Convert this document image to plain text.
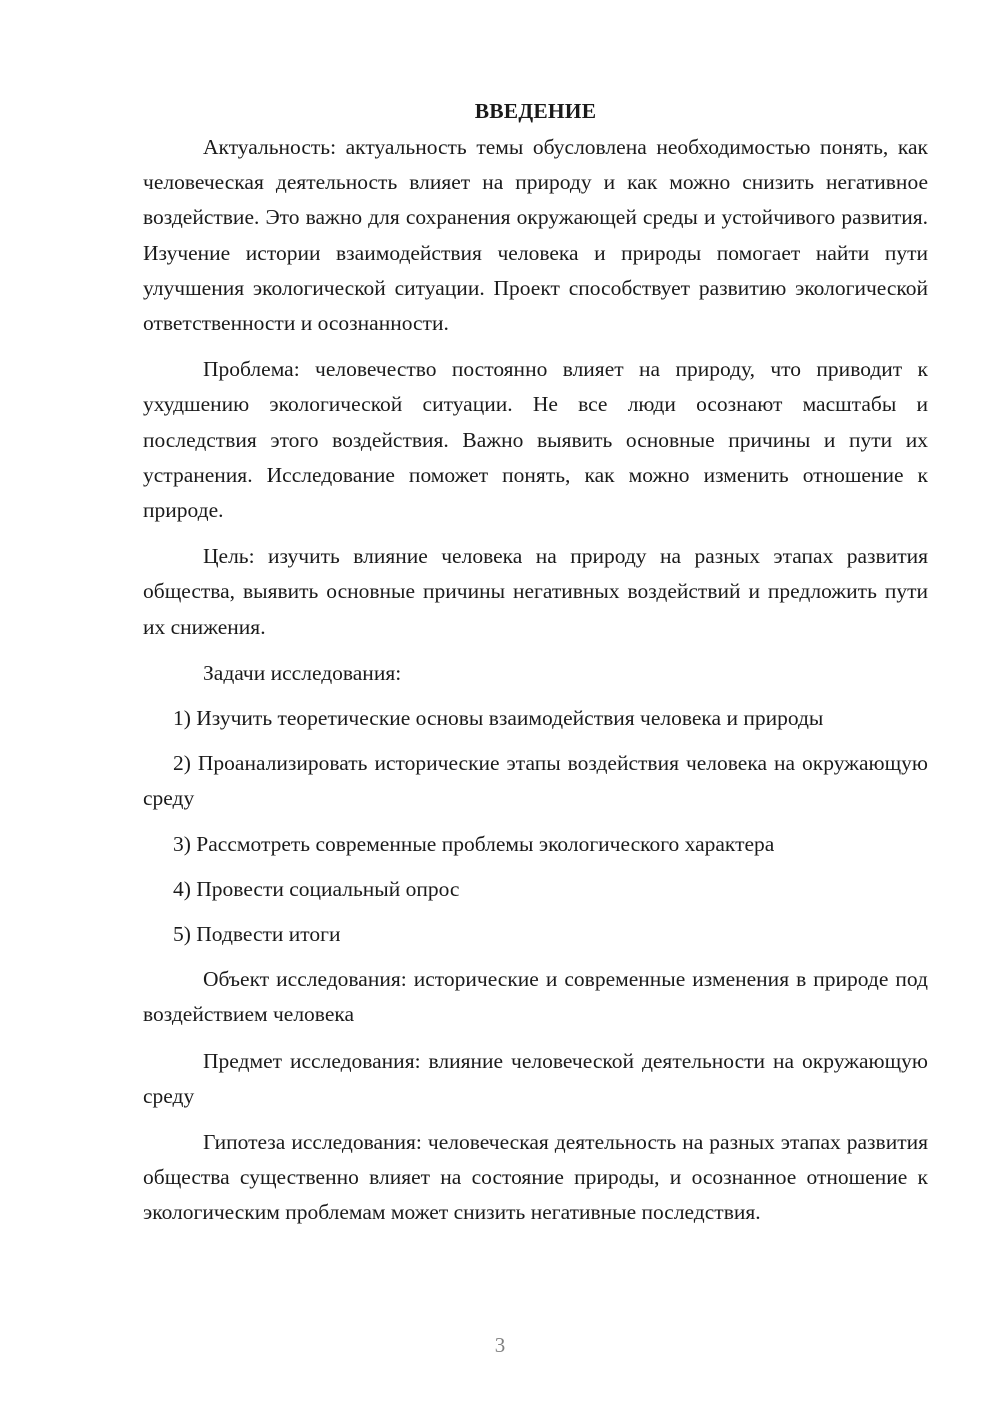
ВВЕДЕНИЕ

Актуальность: актуальность темы обусловлена необходимостью понять, как человеческая деятельность влияет на природу и как можно снизить негативное воздействие. Это важно для сохранения окружающей среды и устойчивого развития. Изучение истории взаимодействия человека и природы помогает найти пути улучшения экологической ситуации. Проект способствует развитию экологической ответственности и осознанности.

Проблема: человечество постоянно влияет на природу, что приводит к ухудшению экологической ситуации. Не все люди осознают масштабы и последствия этого воздействия. Важно выявить основные причины и пути их устранения. Исследование поможет понять, как можно изменить отношение к природе.

Цель: изучить влияние человека на природу на разных этапах развития общества, выявить основные причины негативных воздействий и предложить пути их снижения.

Задачи исследования:

1) Изучить теоретические основы взаимодействия человека и природы

2) Проанализировать исторические этапы воздействия человека на окружающую среду

3) Рассмотреть современные проблемы экологического характера

4) Провести социальный опрос

5) Подвести итоги

Объект исследования: исторические и современные изменения в природе под воздействием человека

Предмет исследования: влияние человеческой деятельности на окружающую среду

Гипотеза исследования: человеческая деятельность на разных этапах развития общества существенно влияет на состояние природы, и осознанное отношение к экологическим проблемам может снизить негативные последствия.

3
